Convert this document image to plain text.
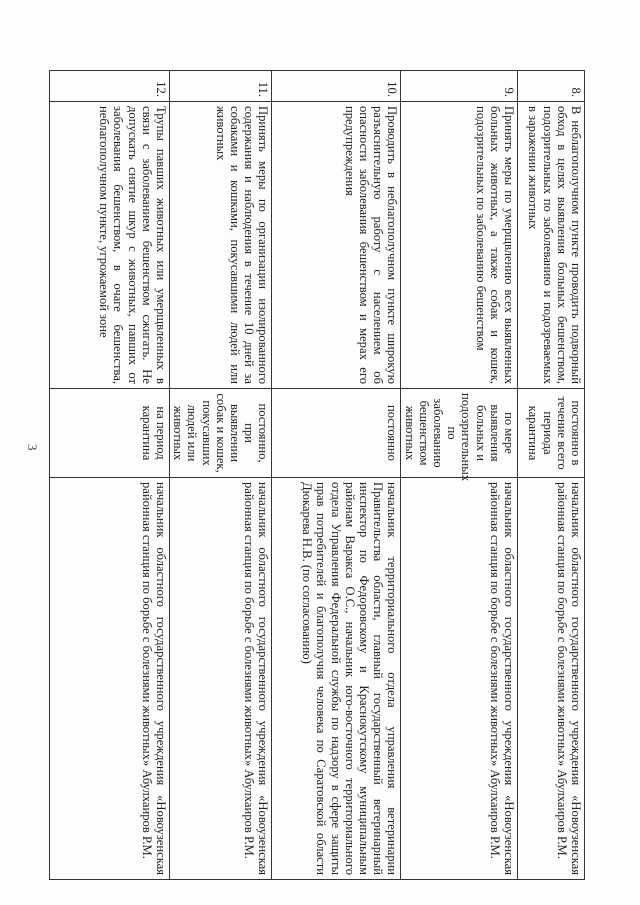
3
8.	В неблагополучном пункте проводить подворный обход в целях выявления больных бешенством, подозрительных по заболеванию и подозреваемых в заражении животных	постоянно в течение всего периода карантина	начальник областного государственного учреждения «Новоузенская районная станция по борьбе с болезнями животных» Абулхаиров Р.М.
9.	Принять меры по умерщвлению всех выявленных больных животных, а также собак и кошек, подозрительных по заболеванию бешенством	по мере выявления больных и подозрительных по заболеванию бешенством животных	начальник областного государственного учреждения «Новоузенская районная станция по борьбе с болезнями животных» Абулхаиров Р.М.
10.	Проводить в неблагополучном пункте широкую разъяснительную работу с населением об опасности заболевания бешенством и мерах его предупреждения	постоянно	начальник территориального отдела управления ветеринарии Правительства области, главный государственный ветеринарный инспектор по Федоровскому и Краснокутскому муниципальным районам Варакса О.С., начальник юго-восточного территориального отдела Управления Федеральной службы по надзору в сфере защиты прав потребителей и благополучия человека по Саратовской области Дюкарева Н.В. (по согласованию)
11.	Принять меры по организации изолированного содержания и наблюдения в течение 10 дней за собаками и кошками, покусавшими людей или животных	постоянно, при выявлении собак и кошек, покусавших людей или животных	начальник областного государственного учреждения «Новоузенская районная станция по борьбе с болезнями животных» Абулхаиров Р.М.
12.	Трупы павших животных или умерщвленных в связи с заболеванием бешенством сжигать. Не допускать снятие шкур с животных, павших от заболевания бешенством, в очаге бешенства, неблагополучном пункте, угрожаемой зоне	на период карантина	начальник областного государственного учреждения «Новоузенская районная станция по борьбе с болезнями животных» Абулхаиров Р.М.
